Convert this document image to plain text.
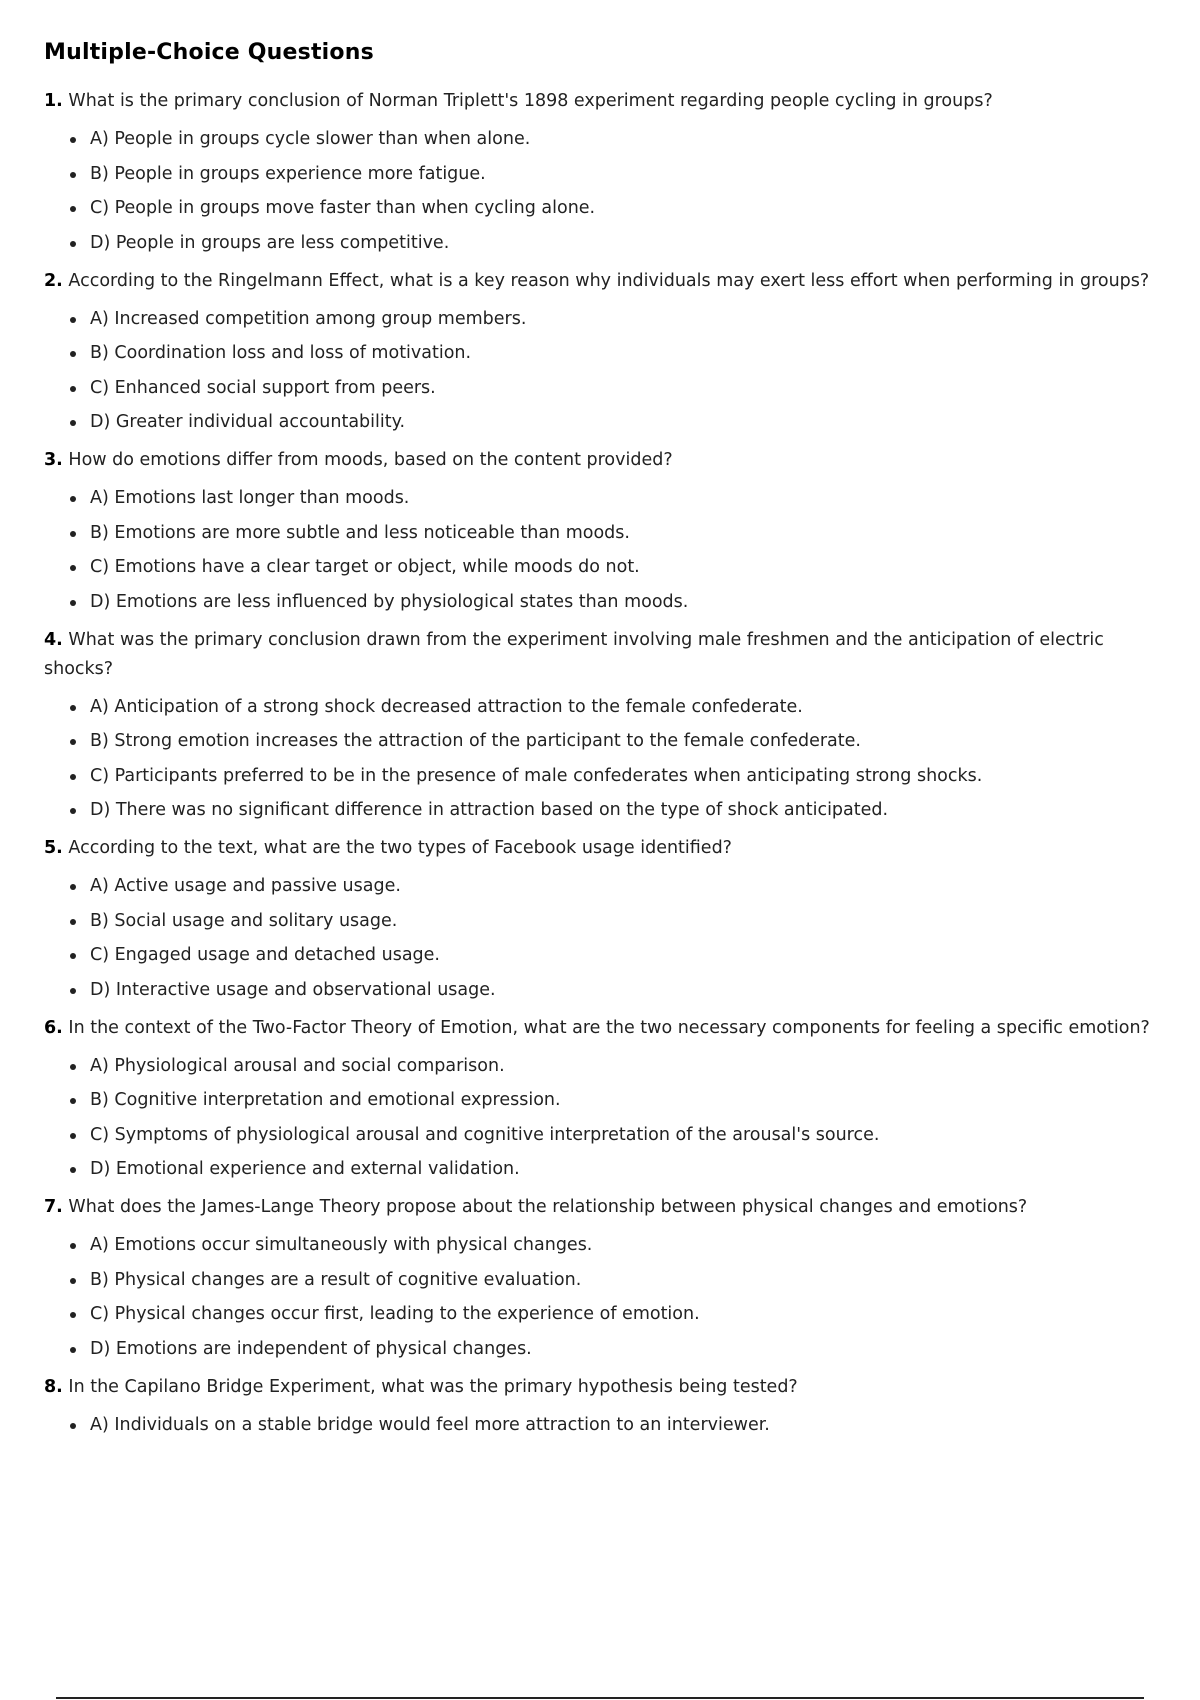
Multiple-Choice Questions
1. What is the primary conclusion of Norman Triplett's 1898 experiment regarding people cycling in groups?
A) People in groups cycle slower than when alone.
B) People in groups experience more fatigue.
C) People in groups move faster than when cycling alone.
D) People in groups are less competitive.
2. According to the Ringelmann Effect, what is a key reason why individuals may exert less effort when performing in groups?
A) Increased competition among group members.
B) Coordination loss and loss of motivation.
C) Enhanced social support from peers.
D) Greater individual accountability.
3. How do emotions differ from moods, based on the content provided?
A) Emotions last longer than moods.
B) Emotions are more subtle and less noticeable than moods.
C) Emotions have a clear target or object, while moods do not.
D) Emotions are less influenced by physiological states than moods.
4. What was the primary conclusion drawn from the experiment involving male freshmen and the anticipation of electric shocks?
A) Anticipation of a strong shock decreased attraction to the female confederate.
B) Strong emotion increases the attraction of the participant to the female confederate.
C) Participants preferred to be in the presence of male confederates when anticipating strong shocks.
D) There was no significant difference in attraction based on the type of shock anticipated.
5. According to the text, what are the two types of Facebook usage identified?
A) Active usage and passive usage.
B) Social usage and solitary usage.
C) Engaged usage and detached usage.
D) Interactive usage and observational usage.
6. In the context of the Two-Factor Theory of Emotion, what are the two necessary components for feeling a specific emotion?
A) Physiological arousal and social comparison.
B) Cognitive interpretation and emotional expression.
C) Symptoms of physiological arousal and cognitive interpretation of the arousal's source.
D) Emotional experience and external validation.
7. What does the James-Lange Theory propose about the relationship between physical changes and emotions?
A) Emotions occur simultaneously with physical changes.
B) Physical changes are a result of cognitive evaluation.
C) Physical changes occur first, leading to the experience of emotion.
D) Emotions are independent of physical changes.
8. In the Capilano Bridge Experiment, what was the primary hypothesis being tested?
A) Individuals on a stable bridge would feel more attraction to an interviewer.
